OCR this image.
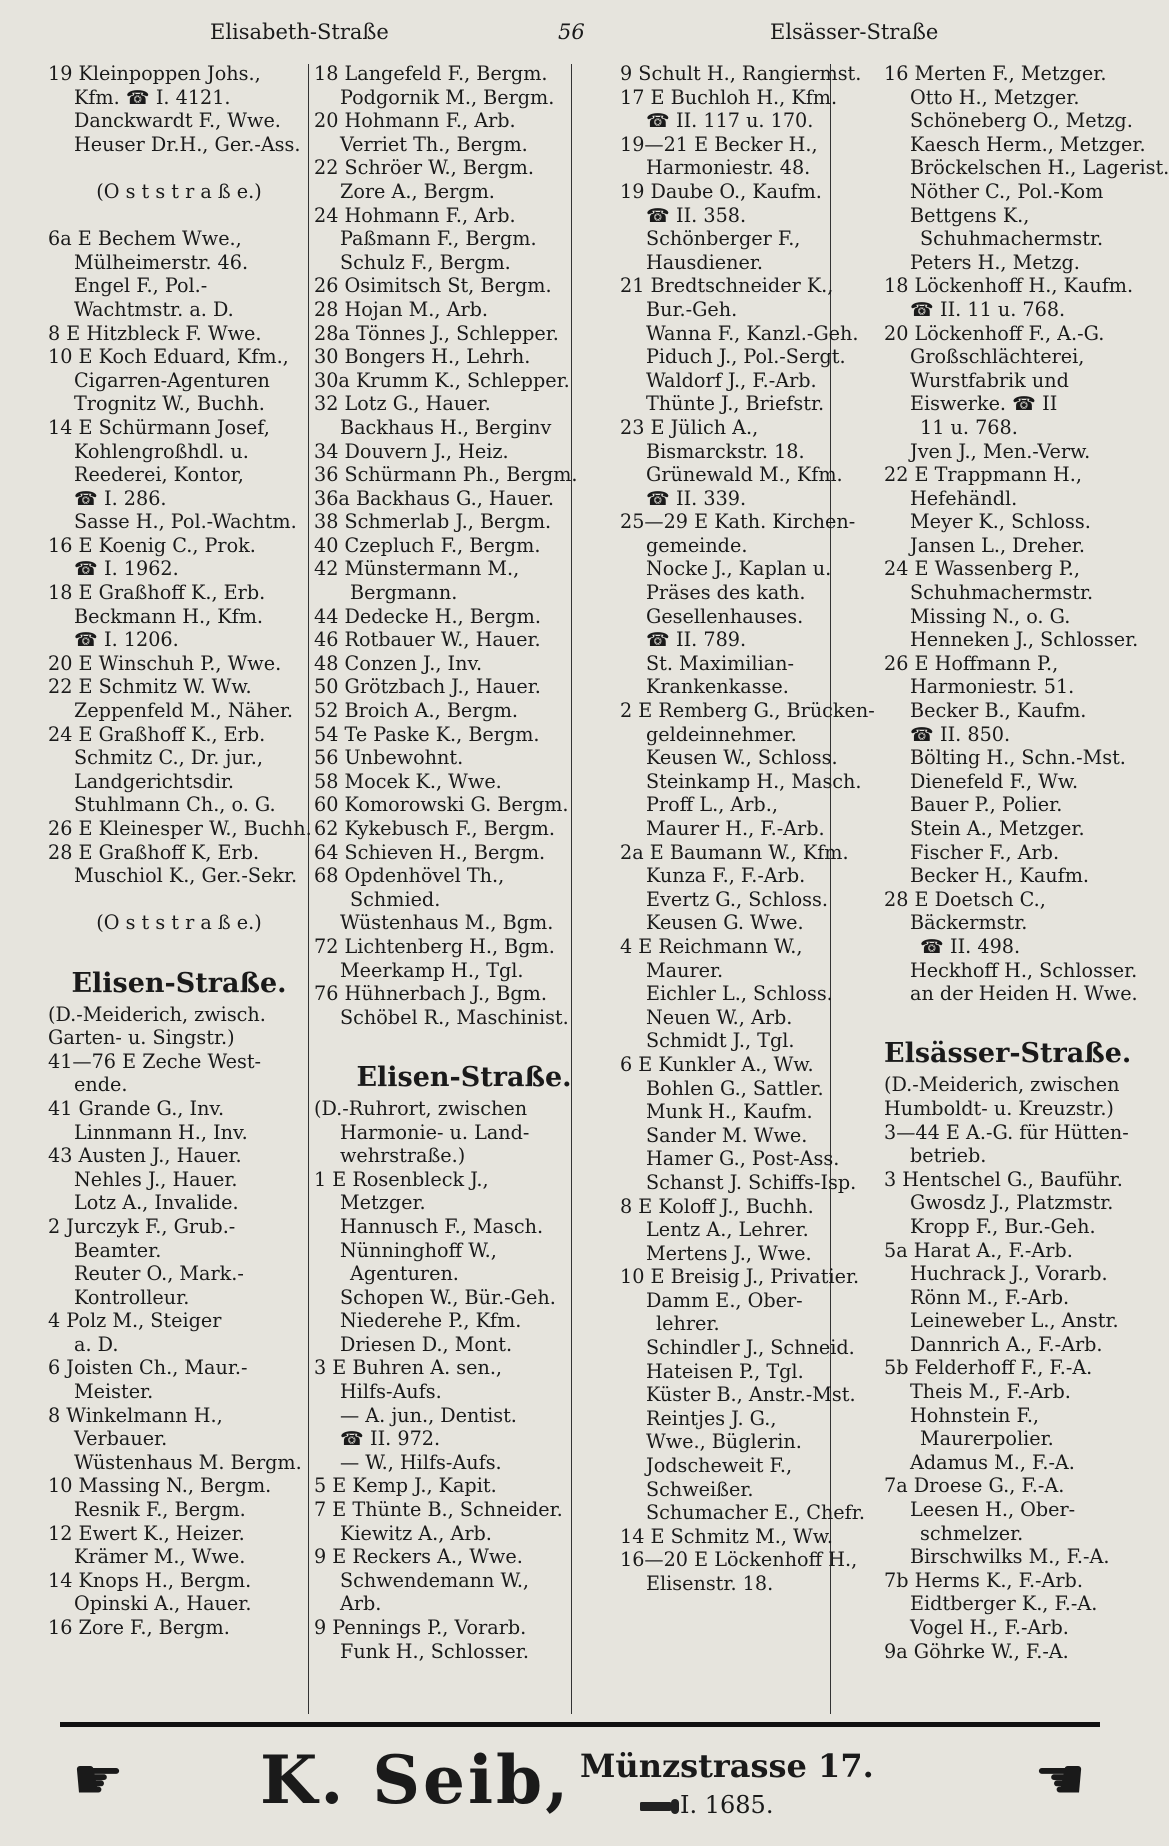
Elisabeth-Straße	56	Elsässer-Straße
19 Kleinpoppen Johs.,
Kfm. ☎ I. 4121.
Danckwardt F., Wwe.
Heuser Dr.H., Ger.-Ass.

(O s t s t r a ß e.)

6a E Bechem Wwe.,
Mülheimerstr. 46.
Engel F., Pol.-
Wachtmstr. a. D.
8 E Hitzbleck F. Wwe.
10 E Koch Eduard, Kfm.,
Cigarren-Agenturen
Trognitz W., Buchh.
14 E Schürmann Josef,
Kohlengroßhdl. u.
Reederei, Kontor,
☎ I. 286.
Sasse H., Pol.-Wachtm.
16 E Koenig C., Prok.
☎ I. 1962.
18 E Graßhoff K., Erb.
Beckmann H., Kfm.
☎ I. 1206.
20 E Winschuh P., Wwe.
22 E Schmitz W. Ww.
Zeppenfeld M., Näher.
24 E Graßhoff K., Erb.
Schmitz C., Dr. jur.,
Landgerichtsdir.
Stuhlmann Ch., o. G.
26 E Kleinesper W., Buchh.
28 E Graßhoff K, Erb.
Muschiol K., Ger.-Sekr.

(O s t s t r a ß e.)

Elisen-Straße.
(D.-Meiderich, zwisch.
Garten- u. Singstr.)
41—76 E Zeche West-
ende.
41 Grande G., Inv.
Linnmann H., Inv.
43 Austen J., Hauer.
Nehles J., Hauer.
Lotz A., Invalide.
2 Jurczyk F., Grub.-
Beamter.
Reuter O., Mark.-
Kontrolleur.
4 Polz M., Steiger
a. D.
6 Joisten Ch., Maur.-
Meister.
8 Winkelmann H.,
Verbauer.
Wüstenhaus M. Bergm.
10 Massing N., Bergm.
Resnik F., Bergm.
12 Ewert K., Heizer.
Krämer M., Wwe.
14 Knops H., Bergm.
Opinski A., Hauer.
16 Zore F., Bergm.
18 Langefeld F., Bergm.
Podgornik M., Bergm.
20 Hohmann F., Arb.
Verriet Th., Bergm.
22 Schröer W., Bergm.
Zore A., Bergm.
24 Hohmann F., Arb.
Paßmann F., Bergm.
Schulz F., Bergm.
26 Osimitsch St, Bergm.
28 Hojan M., Arb.
28a Tönnes J., Schlepper.
30 Bongers H., Lehrh.
30a Krumm K., Schlepper.
32 Lotz G., Hauer.
Backhaus H., Berginv
34 Douvern J., Heiz.
36 Schürmann Ph., Bergm.
36a Backhaus G., Hauer.
38 Schmerlab J., Bergm.
40 Czepluch F., Bergm.
42 Münstermann M.,
Bergmann.
44 Dedecke H., Bergm.
46 Rotbauer W., Hauer.
48 Conzen J., Inv.
50 Grötzbach J., Hauer.
52 Broich A., Bergm.
54 Te Paske K., Bergm.
56 Unbewohnt.
58 Mocek K., Wwe.
60 Komorowski G. Bergm.
62 Kykebusch F., Bergm.
64 Schieven H., Bergm.
68 Opdenhövel Th.,
Schmied.
Wüstenhaus M., Bgm.
72 Lichtenberg H., Bgm.
Meerkamp H., Tgl.
76 Hühnerbach J., Bgm.
Schöbel R., Maschinist.

Elisen-Straße.
(D.-Ruhrort, zwischen
Harmonie- u. Land-
wehrstraße.)
1 E Rosenbleck J.,
Metzger.
Hannusch F., Masch.
Nünninghoff W.,
Agenturen.
Schopen W., Bür.-Geh.
Niederehe P., Kfm.
Driesen D., Mont.
3 E Buhren A. sen.,
Hilfs-Aufs.
— A. jun., Dentist.
☎ II. 972.
— W., Hilfs-Aufs.
5 E Kemp J., Kapit.
7 E Thünte B., Schneider.
Kiewitz A., Arb.
9 E Reckers A., Wwe.
Schwendemann W.,
Arb.
9 Pennings P., Vorarb.
Funk H., Schlosser.
9 Schult H., Rangiermst.
17 E Buchloh H., Kfm.
☎ II. 117 u. 170.
19—21 E Becker H.,
Harmoniestr. 48.
19 Daube O., Kaufm.
☎ II. 358.
Schönberger F.,
Hausdiener.
21 Bredtschneider K.,
Bur.-Geh.
Wanna F., Kanzl.-Geh.
Piduch J., Pol.-Sergt.
Waldorf J., F.-Arb.
Thünte J., Briefstr.
23 E Jülich A.,
Bismarckstr. 18.
Grünewald M., Kfm.
☎ II. 339.
25—29 E Kath. Kirchen-
gemeinde.
Nocke J., Kaplan u.
Präses des kath.
Gesellenhauses.
☎ II. 789.
St. Maximilian-
Krankenkasse.
2 E Remberg G., Brücken-
geldeinnehmer.
Keusen W., Schloss.
Steinkamp H., Masch.
Proff L., Arb.,
Maurer H., F.-Arb.
2a E Baumann W., Kfm.
Kunza F., F.-Arb.
Evertz G., Schloss.
Keusen G. Wwe.
4 E Reichmann W.,
Maurer.
Eichler L., Schloss.
Neuen W., Arb.
Schmidt J., Tgl.
6 E Kunkler A., Ww.
Bohlen G., Sattler.
Munk H., Kaufm.
Sander M. Wwe.
Hamer G., Post-Ass.
Schanst J. Schiffs-Isp.
8 E Koloff J., Buchh.
Lentz A., Lehrer.
Mertens J., Wwe.
10 E Breisig J., Privatier.
Damm E., Ober-
lehrer.
Schindler J., Schneid.
Hateisen P., Tgl.
Küster B., Anstr.-Mst.
Reintjes J. G.,
Wwe., Büglerin.
Jodscheweit F.,
Schweißer.
Schumacher E., Chefr.
14 E Schmitz M., Ww.
16—20 E Löckenhoff H.,
Elisenstr. 18.
16 Merten F., Metzger.
Otto H., Metzger.
Schöneberg O., Metzg.
Kaesch Herm., Metzger.
Bröckelschen H., Lagerist.
Nöther C., Pol.-Kom
Bettgens K.,
Schuhmachermstr.
Peters H., Metzg.
18 Löckenhoff H., Kaufm.
☎ II. 11 u. 768.
20 Löckenhoff F., A.-G.
Großschlächterei,
Wurstfabrik und
Eiswerke. ☎ II
11 u. 768.
Jven J., Men.-Verw.
22 E Trappmann H.,
Hefehändl.
Meyer K., Schloss.
Jansen L., Dreher.
24 E Wassenberg P.,
Schuhmachermstr.
Missing N., o. G.
Henneken J., Schlosser.
26 E Hoffmann P.,
Harmoniestr. 51.
Becker B., Kaufm.
☎ II. 850.
Bölting H., Schn.-Mst.
Dienefeld F., Ww.
Bauer P., Polier.
Stein A., Metzger.
Fischer F., Arb.
Becker H., Kaufm.
28 E Doetsch C.,
Bäckermstr.
☎ II. 498.
Heckhoff H., Schlosser.
an der Heiden H. Wwe.

Elsässer-Straße.
(D.-Meiderich, zwischen
Humboldt- u. Kreuzstr.)
3—44 E A.-G. für Hütten-
betrieb.
3 Hentschel G., Bauführ.
Gwosdz J., Platzmstr.
Kropp F., Bur.-Geh.
5a Harat A., F.-Arb.
Huchrack J., Vorarb.
Rönn M., F.-Arb.
Leineweber L., Anstr.
Dannrich A., F.-Arb.
5b Felderhoff F., F.-A.
Theis M., F.-Arb.
Hohnstein F.,
Maurerpolier.
Adamus M., F.-A.
7a Droese G., F.-A.
Leesen H., Ober-
schmelzer.
Birschwilks M., F.-A.
7b Herms K., F.-Arb.
Eidtberger K., F.-A.
Vogel H., F.-Arb.
9a Göhrke W., F.-A.
☛ K. Seib, Münzstrasse 17.
I. 1685.	☚
